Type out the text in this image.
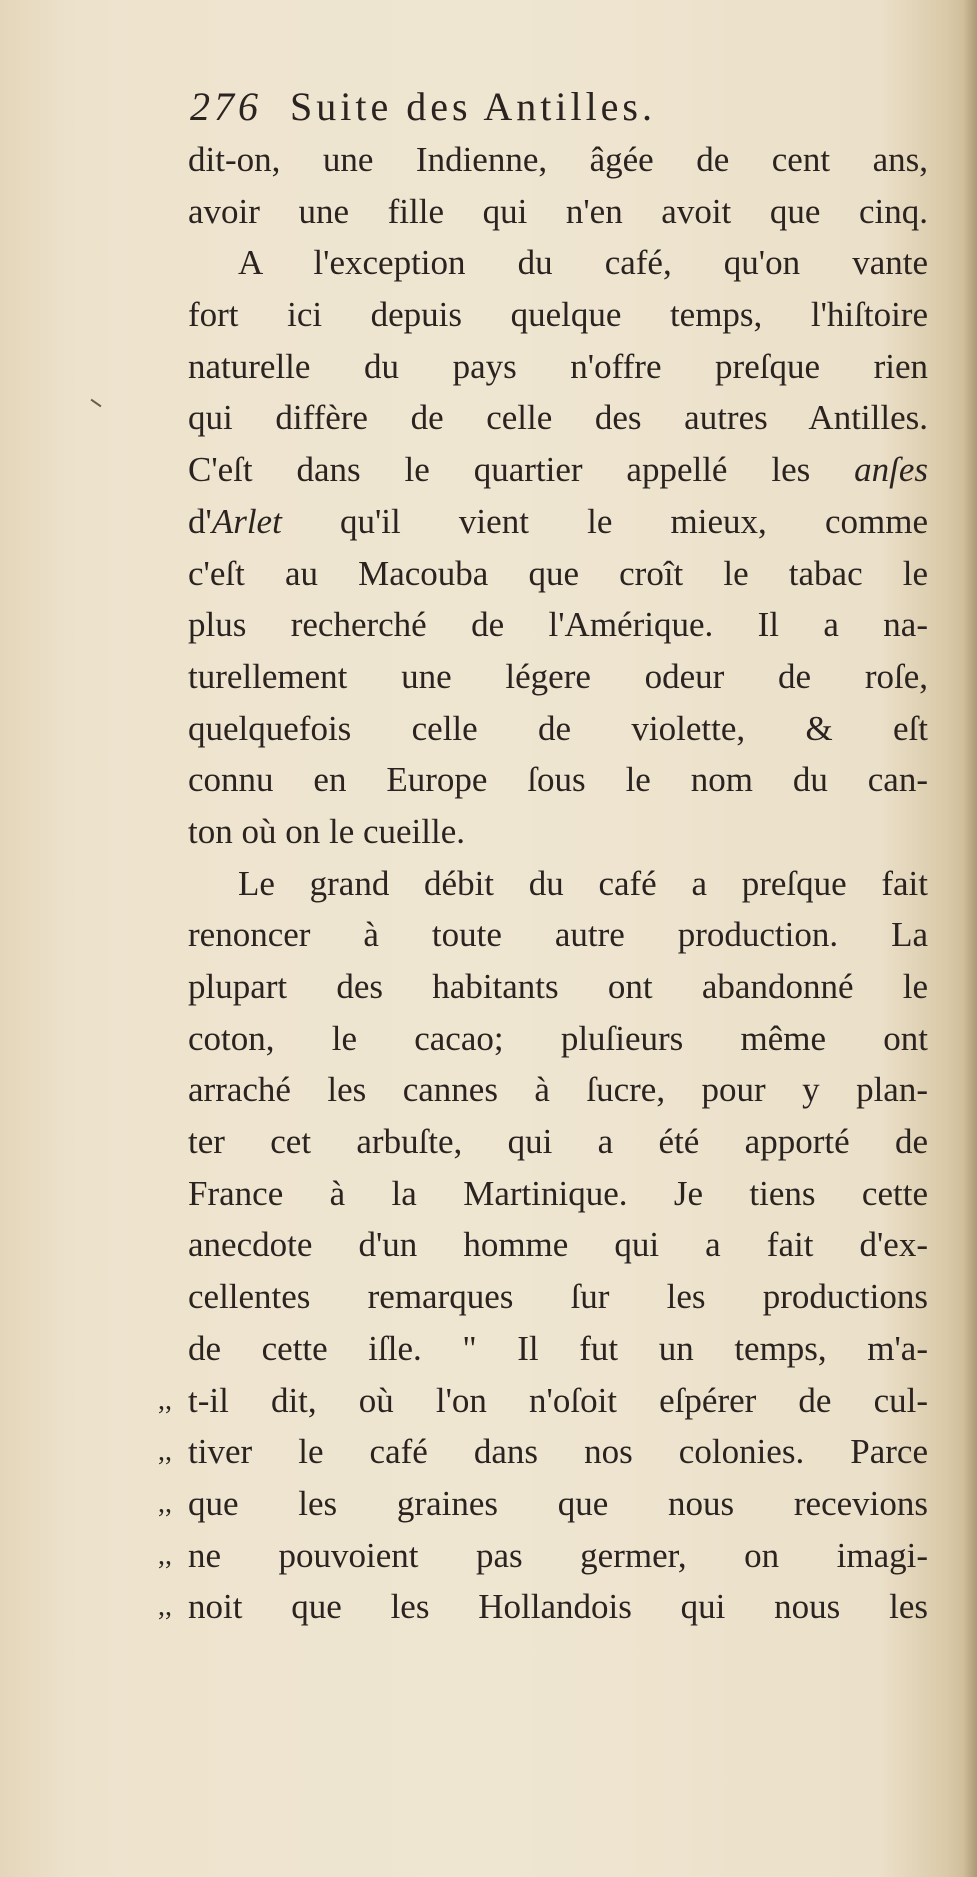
276 Suite des Antilles.
dit-on, une Indienne, âgée de cent ans,
avoir une fille qui n'en avoit que cinq.
A l'exception du café, qu'on vante
fort ici depuis quelque temps, l'hiſtoire
naturelle du pays n'offre preſque rien
qui diffère de celle des autres Antilles.
C'eſt dans le quartier appellé les anſes
d'Arlet qu'il vient le mieux, comme
c'eſt au Macouba que croît le tabac le
plus recherché de l'Amérique. Il a na-
turellement une légere odeur de roſe,
quelquefois celle de violette, & eſt
connu en Europe ſous le nom du can-
ton où on le cueille.
Le grand débit du café a preſque fait
renoncer à toute autre production. La
plupart des habitants ont abandonné le
coton, le cacao; pluſieurs même ont
arraché les cannes à ſucre, pour y plan-
ter cet arbuſte, qui a été apporté de
France à la Martinique. Je tiens cette
anecdote d'un homme qui a fait d'ex-
cellentes remarques ſur les productions
de cette iſle. " Il fut un temps, m'a-
,, t-il dit, où l'on n'oſoit eſpérer de cul-
,, tiver le café dans nos colonies. Parce
,, que les graines que nous recevions
,, ne pouvoient pas germer, on imagi-
,, noit que les Hollandois qui nous les
